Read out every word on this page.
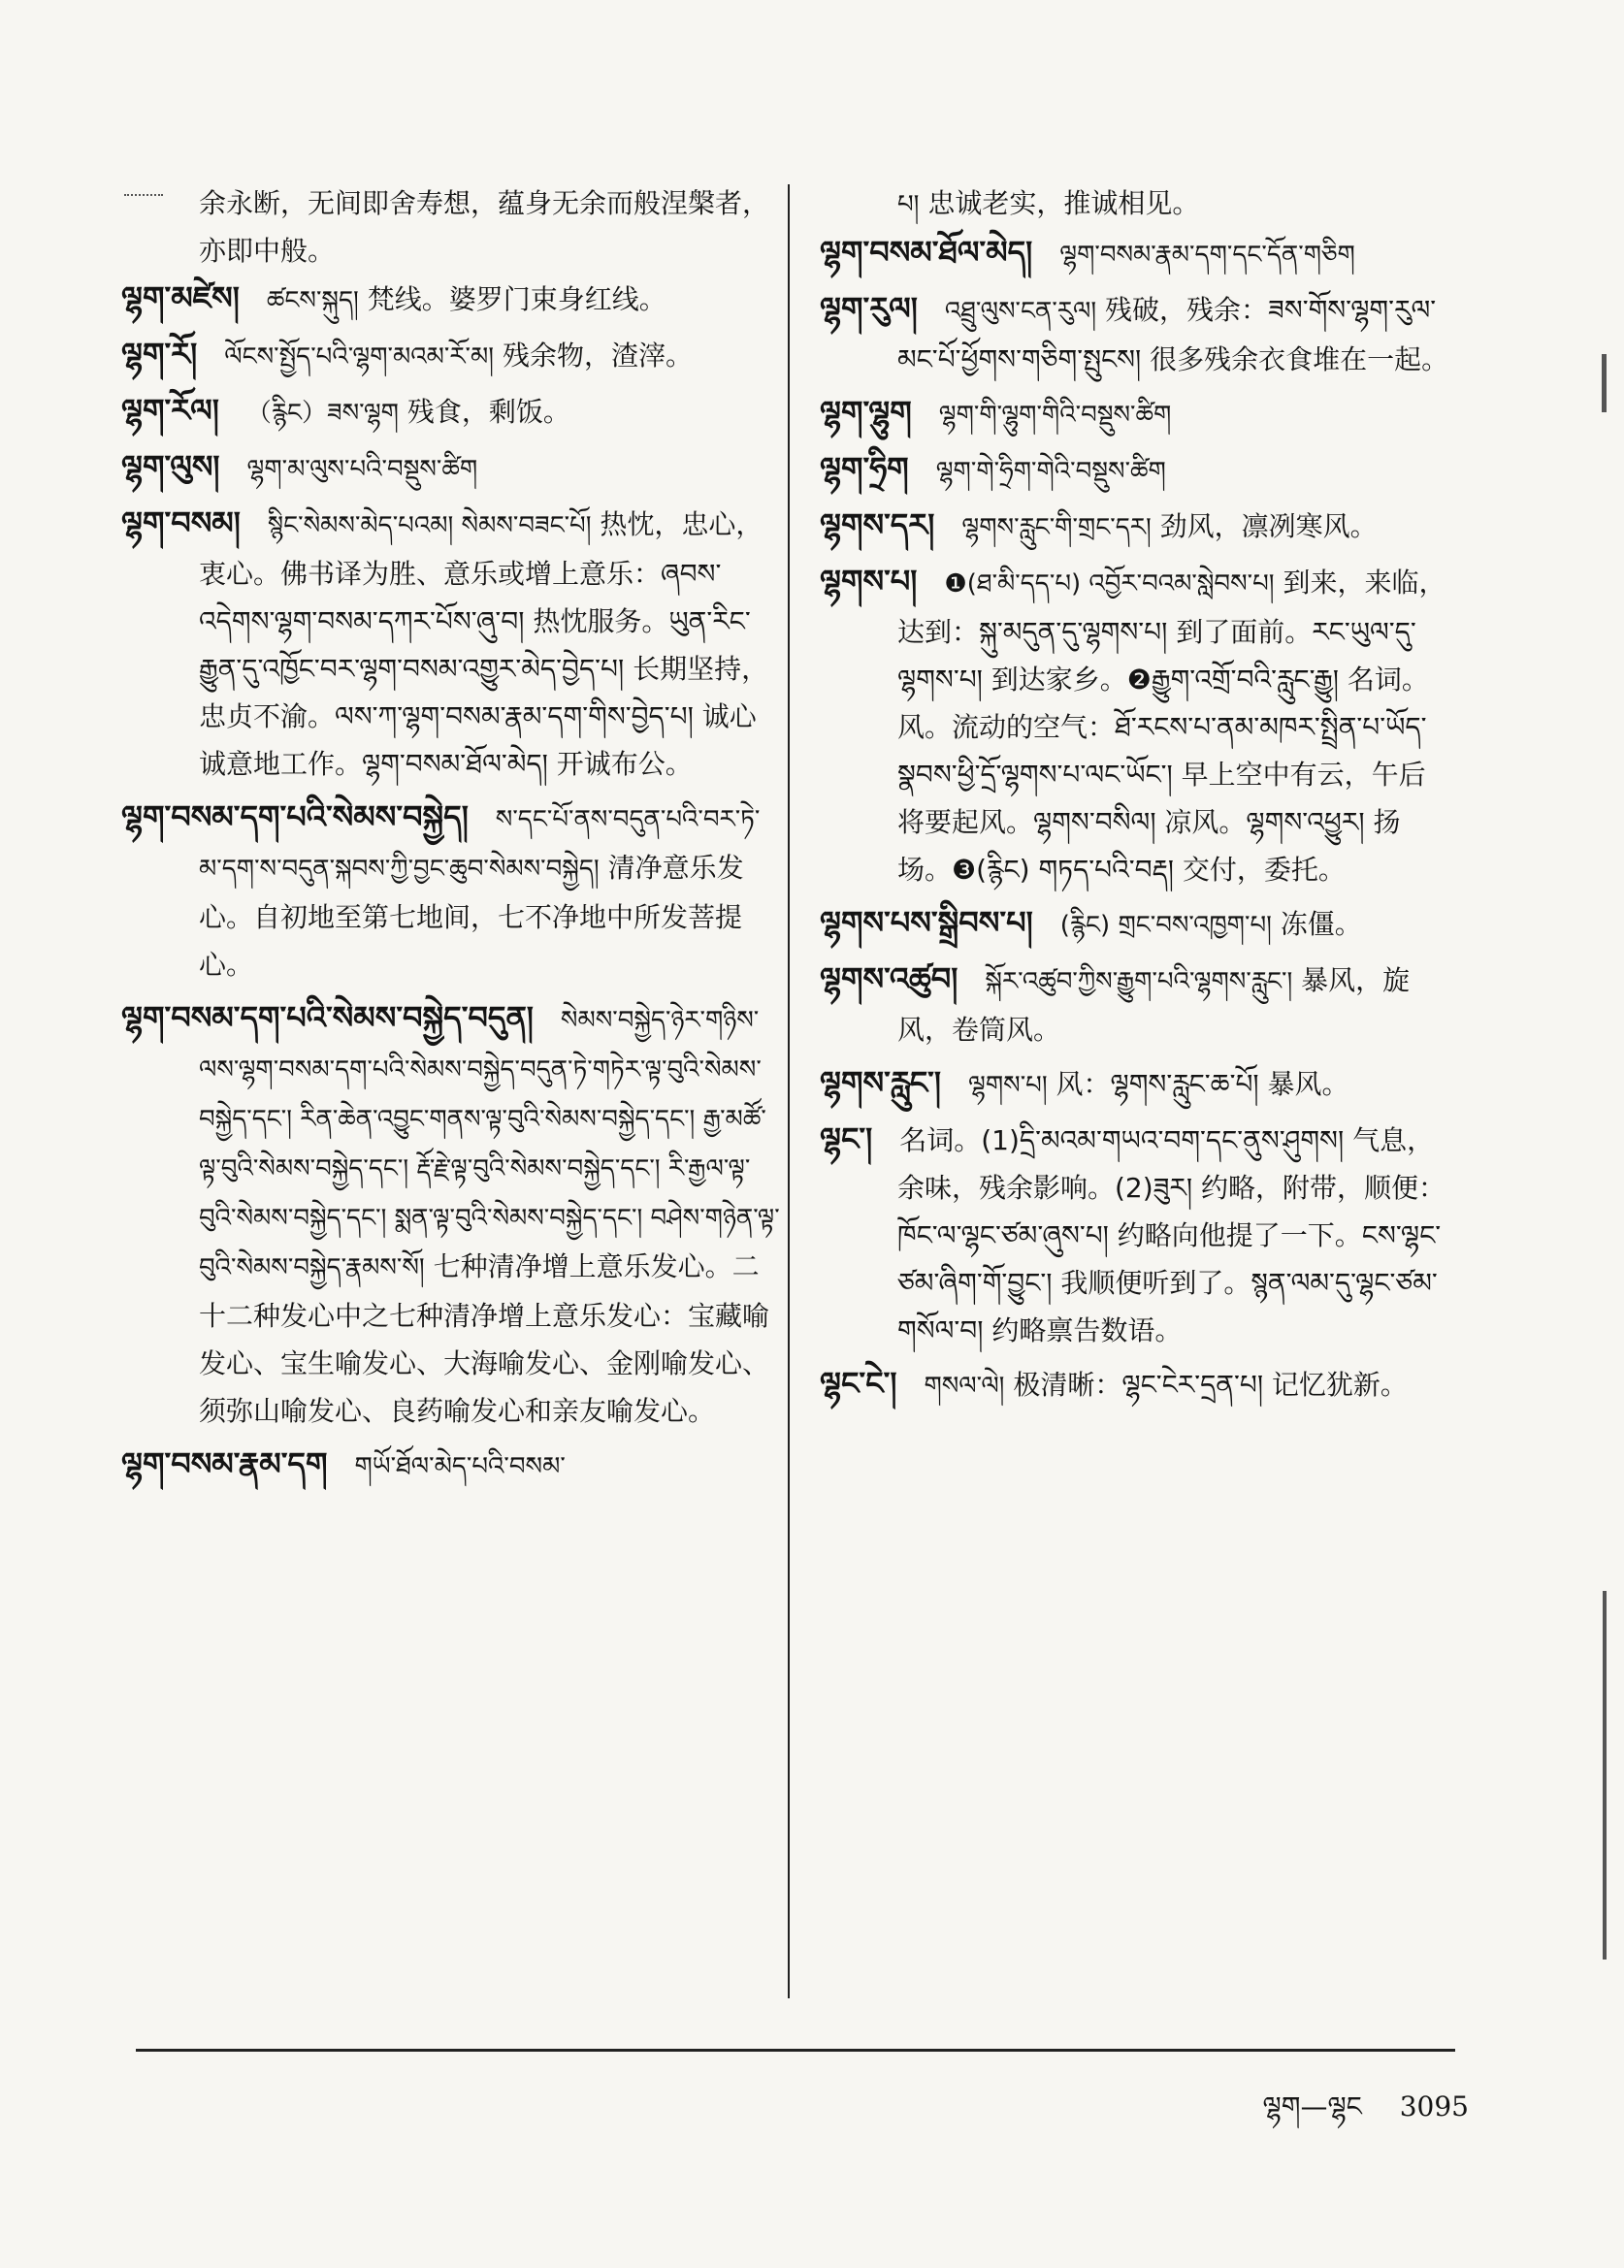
余永断，无间即舍寿想，蕴身无余而般涅槃者，亦即中般。

ལྷག་མཛེས། ཚངས་སྐུད། 梵线。婆罗门束身红线。

ལྷག་རོ། ལོངས་སྤྱོད་པའི་ལྷག་མའམ་རོ་མ། 残余物，渣滓。

ལྷག་རོལ། （རྙིང）ཟས་ལྷག 残食，剩饭。

ལྷག་ལུས། ལྷག་མ་ལུས་པའི་བསྡུས་ཚིག

ལྷག་བསམ། སྙིང་སེམས་མེད་པའམ། སེམས་བཟང་པོ། 热忱，忠心，衷心。佛书译为胜、意乐或增上意乐：ཞབས་འདེགས་ལྷག་བསམ་དཀར་པོས་ཞུ་བ། 热忱服务。ཡུན་རིང་རྒྱུན་དུ་འཁྱོང་བར་ལྷག་བསམ་འགྱུར་མེད་བྱེད་པ། 长期坚持，忠贞不渝。ལས་ཀ་ལྷག་བསམ་རྣམ་དག་གིས་བྱེད་པ། 诚心诚意地工作。ལྷག་བསམ་ཐོལ་མེད། 开诚布公。

ལྷག་བསམ་དག་པའི་སེམས་བསྐྱེད། ས་དང་པོ་ནས་བདུན་པའི་བར་ཏེ་མ་དག་ས་བདུན་སྐབས་ཀྱི་བྱང་ཆུབ་སེམས་བསྐྱེད། 清净意乐发心。自初地至第七地间，七不净地中所发菩提心。

ལྷག་བསམ་དག་པའི་སེམས་བསྐྱེད་བདུན། སེམས་བསྐྱེད་ཉེར་གཉིས་ལས་ལྷག་བསམ་དག་པའི་སེམས་བསྐྱེད་བདུན་ཏེ་གཏེར་ལྟ་བུའི་སེམས་བསྐྱེད་དང་། རིན་ཆེན་འབྱུང་གནས་ལྟ་བུའི་སེམས་བསྐྱེད་དང་། རྒྱ་མཚོ་ལྟ་བུའི་སེམས་བསྐྱེད་དང་། རྡོ་རྗེ་ལྟ་བུའི་སེམས་བསྐྱེད་དང་། རི་རྒྱལ་ལྟ་བུའི་སེམས་བསྐྱེད་དང་། སྨན་ལྟ་བུའི་སེམས་བསྐྱེད་དང་། བཤེས་གཉེན་ལྟ་བུའི་སེམས་བསྐྱེད་རྣམས་སོ། 七种清净增上意乐发心。二十二种发心中之七种清净增上意乐发心：宝藏喻发心、宝生喻发心、大海喻发心、金刚喻发心、须弥山喻发心、良药喻发心和亲友喻发心。

ལྷག་བསམ་རྣམ་དག གཡོ་ཐོལ་མེད་པའི་བསམ་

པ། 忠诚老实，推诚相见。

ལྷག་བསམ་ཐོལ་མེད། ལྷག་བསམ་རྣམ་དག་དང་དོན་གཅིག

ལྷག་རུལ། འཐྲུ་ལུས་ངན་རུལ། 残破，残余：ཟས་གོས་ལྷག་རུལ་མང་པོ་ཕྱོགས་གཅིག་སྤུངས། 很多残余衣食堆在一起。

ལྷག་ལྷུག ལྷག་གི་ལྷུག་གིའི་བསྡུས་ཚིག

ལྷག་ཧྲིག ལྷག་གེ་ཧྲིག་གེའི་བསྡུས་ཚིག

ལྷགས་དར། ལྷགས་རླུང་གི་གྲང་དར། 劲风，凛冽寒风。

ལྷགས་པ། ❶(ཐ་མི་དད་པ) འབྱོར་བའམ་སླེབས་པ། 到来，来临，达到：སྐུ་མདུན་དུ་ལྷགས་པ། 到了面前。རང་ཡུལ་དུ་ལྷགས་པ། 到达家乡。❷རྒྱུག་འགྲོ་བའི་རླུང་རྒྱུ། 名词。风。流动的空气：ཐོ་རངས་པ་ནམ་མཁར་སྤྲིན་པ་ཡོད་སྣབས་ཕྱི་དྲོ་ལྷགས་པ་ལང་ཡོང་། 早上空中有云，午后将要起风。ལྷགས་བསིལ། 凉风。ལྷགས་འཕྱུར། 扬场。❸(རྙིང) གཏད་པའི་བརྡ། 交付，委托。

ལྷགས་པས་སྒྲིབས་པ། (རྙིང) གྲང་བས་འཁྱག་པ། 冻僵。

ལྷགས་འཚུབ། སྐོར་འཚུབ་ཀྱིས་རྒྱུག་པའི་ལྷགས་རླུང་། 暴风，旋风，卷筒风。

ལྷགས་རླུང་། ལྷགས་པ། 风：ལྷགས་རླུང་ཆ་པོ། 暴风。

ལྷང་། 名词。(1)དྲི་མའམ་གཡའ་བག་དང་ནུས་ཤུགས། 气息，余味，残余影响。(2)ཟུར། 约略，附带，顺便：ཁོང་ལ་ལྷང་ཙམ་ཞུས་པ། 约略向他提了一下。ངས་ལྷང་ཙམ་ཞིག་གོ་བྱུང་། 我顺便听到了。སྙན་ལམ་དུ་ལྷང་ཙམ་གསོལ་བ། 约略禀告数语。

ལྷང་ངེ་། གསལ་ལེ། 极清晰：ལྷང་ངེར་དྲན་པ། 记忆犹新。

ལྷག—ལྷང 3095
